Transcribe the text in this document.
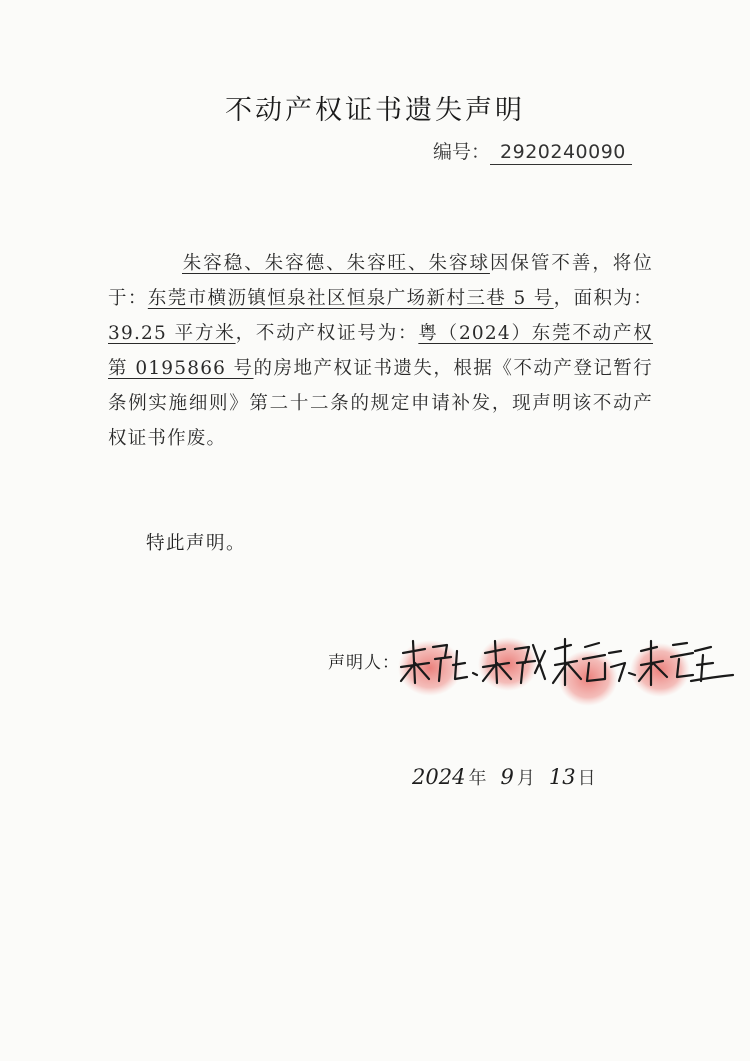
不动产权证书遗失声明
编号： 2920240090
朱容稳、朱容德、朱容旺、朱容球因保管不善，将位于：东莞市横沥镇恒泉社区恒泉广场新村三巷 5 号，面积为：39.25 平方米，不动产权证号为：粤（2024）东莞不动产权第 0195866 号的房地产权证书遗失，根据《不动产登记暂行条例实施细则》第二十二条的规定申请补发，现声明该不动产权证书作废。
特此声明。
声明人：
2024 年 9 月 13 日
